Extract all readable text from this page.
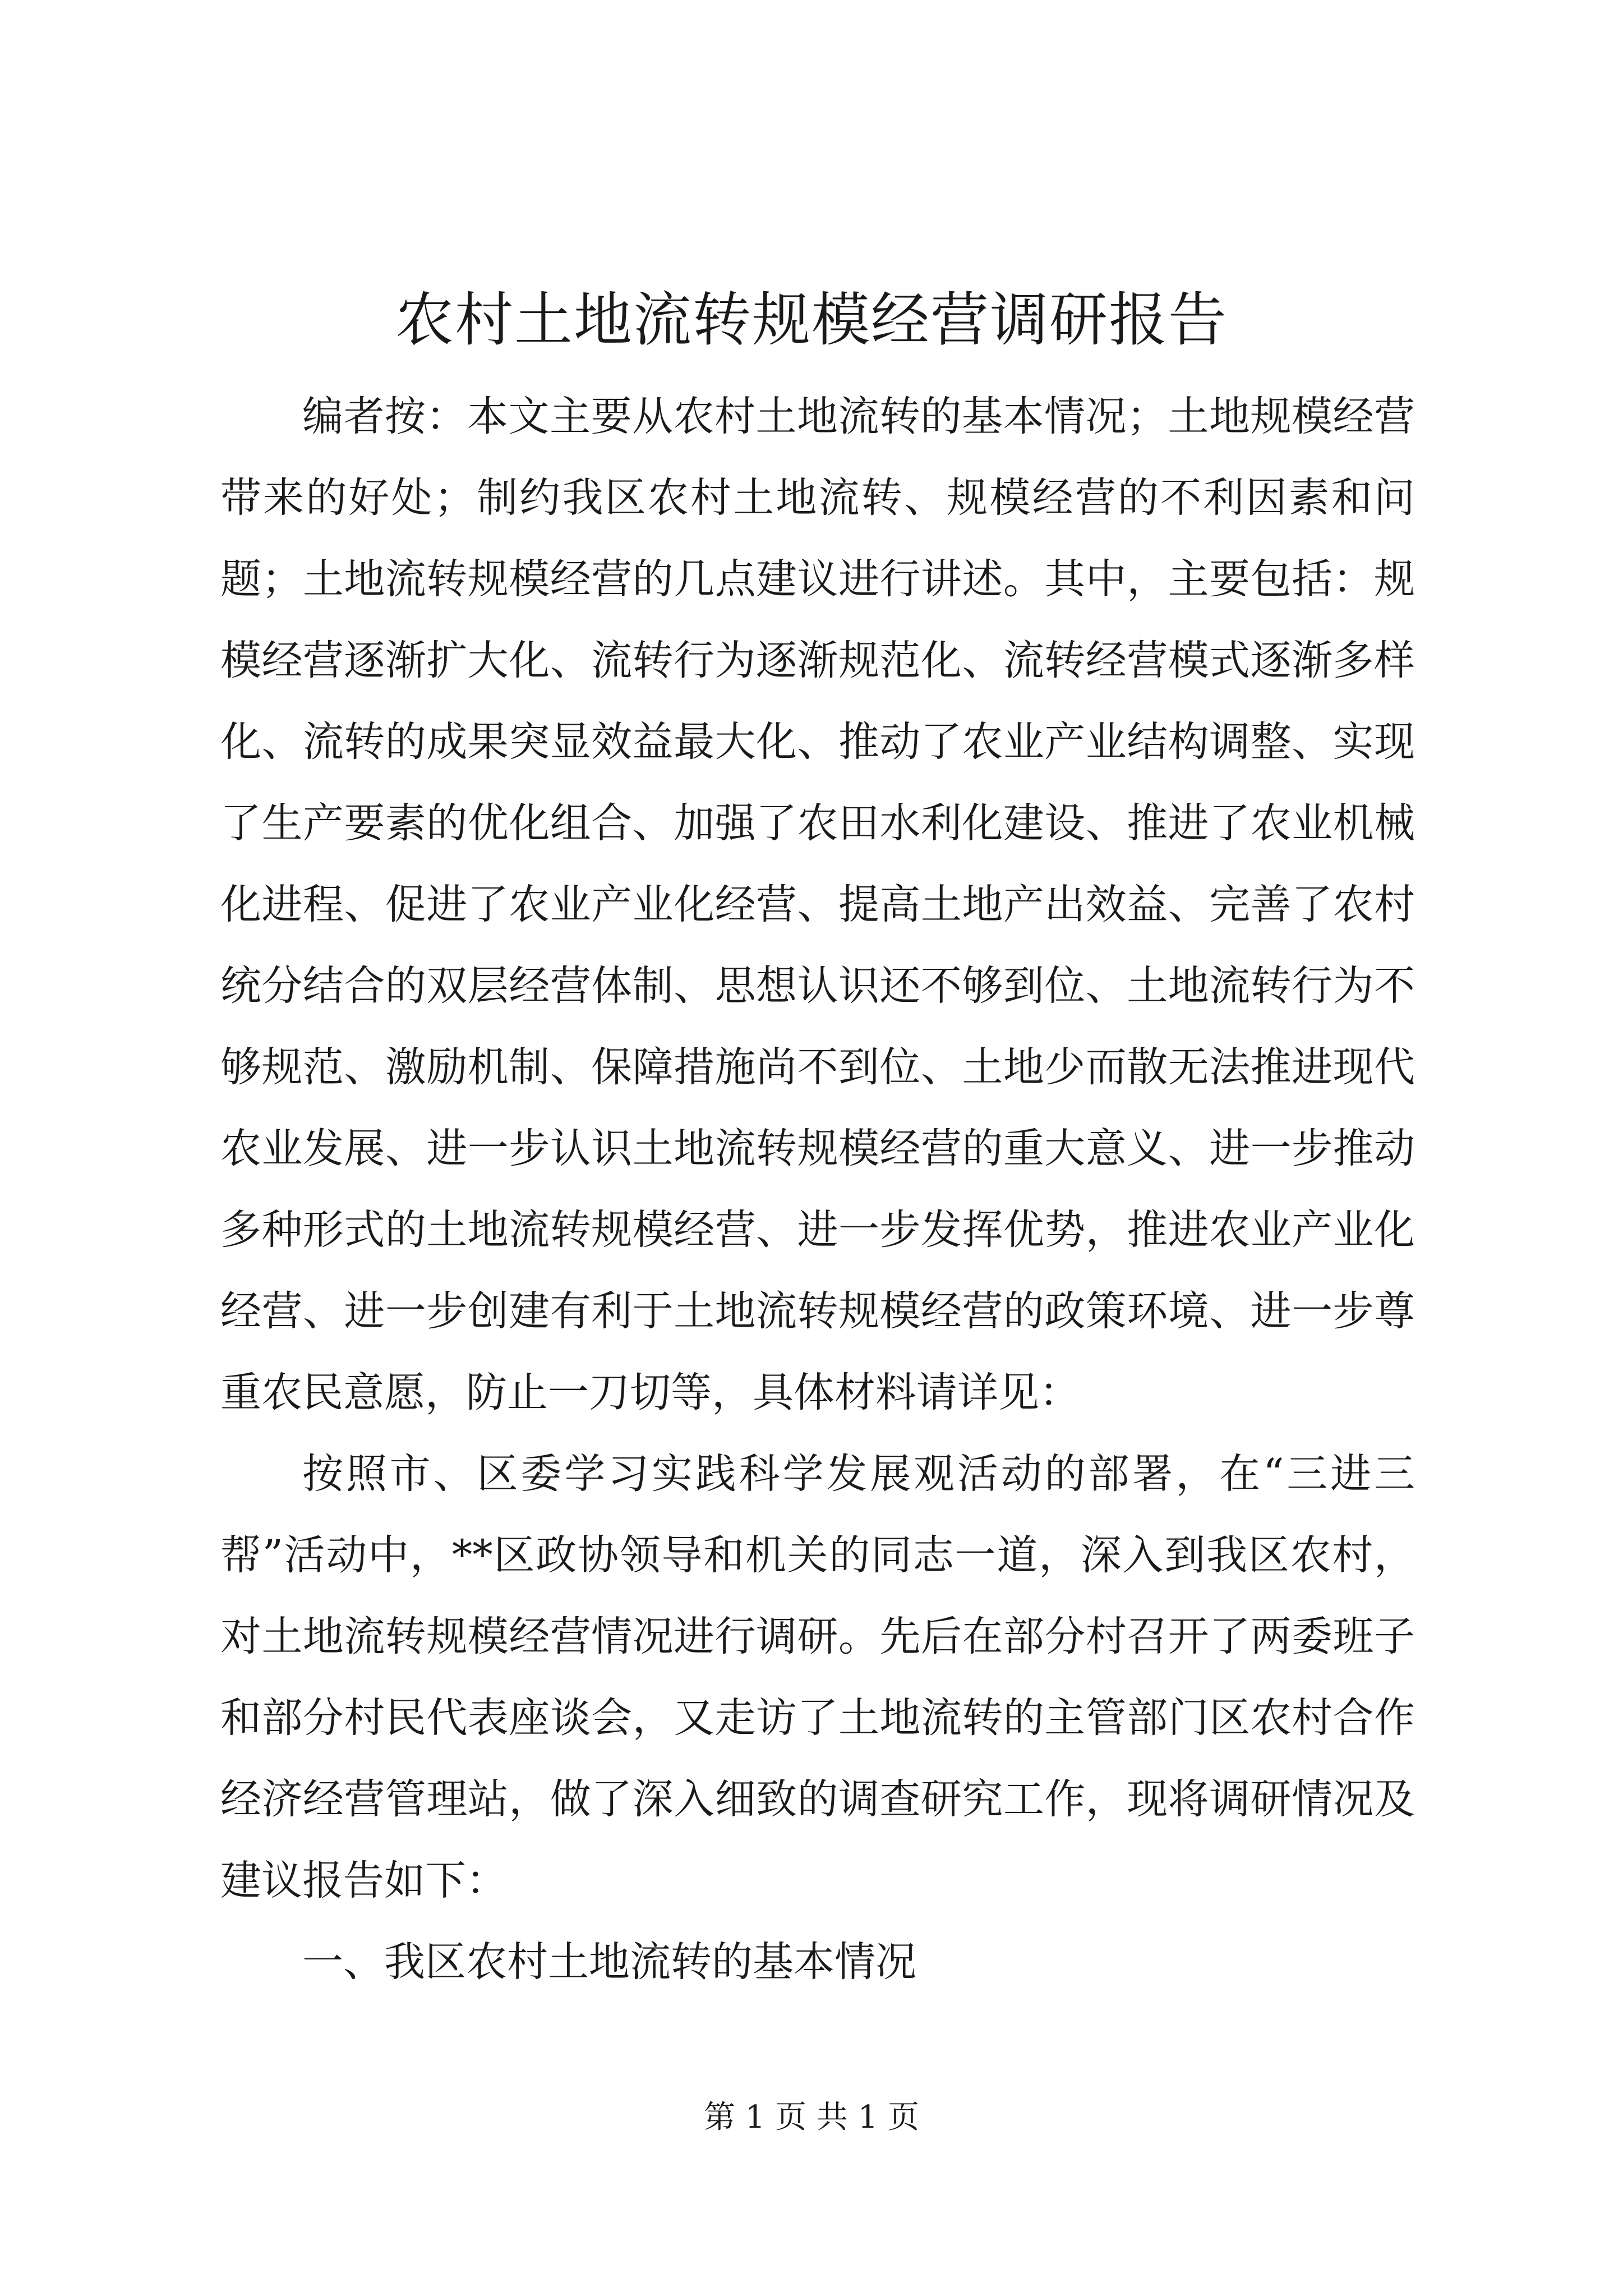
农村土地流转规模经营调研报告

编者按：本文主要从农村土地流转的基本情况；土地规模经营带来的好处；制约我区农村土地流转、规模经营的不利因素和问题；土地流转规模经营的几点建议进行讲述。其中，主要包括：规模经营逐渐扩大化、流转行为逐渐规范化、流转经营模式逐渐多样化、流转的成果突显效益最大化、推动了农业产业结构调整、实现了生产要素的优化组合、加强了农田水利化建设、推进了农业机械化进程、促进了农业产业化经营、提高土地产出效益、完善了农村统分结合的双层经营体制、思想认识还不够到位、土地流转行为不够规范、激励机制、保障措施尚不到位、土地少而散无法推进现代农业发展、进一步认识土地流转规模经营的重大意义、进一步推动多种形式的土地流转规模经营、进一步发挥优势，推进农业产业化经营、进一步创建有利于土地流转规模经营的政策环境、进一步尊重农民意愿，防止一刀切等，具体材料请详见：

按照市、区委学习实践科学发展观活动的部署，在“三进三帮”活动中，**区政协领导和机关的同志一道，深入到我区农村，对土地流转规模经营情况进行调研。先后在部分村召开了两委班子和部分村民代表座谈会，又走访了土地流转的主管部门区农村合作经济经营管理站，做了深入细致的调查研究工作，现将调研情况及建议报告如下：

一、我区农村土地流转的基本情况

第 1 页 共 1 页
